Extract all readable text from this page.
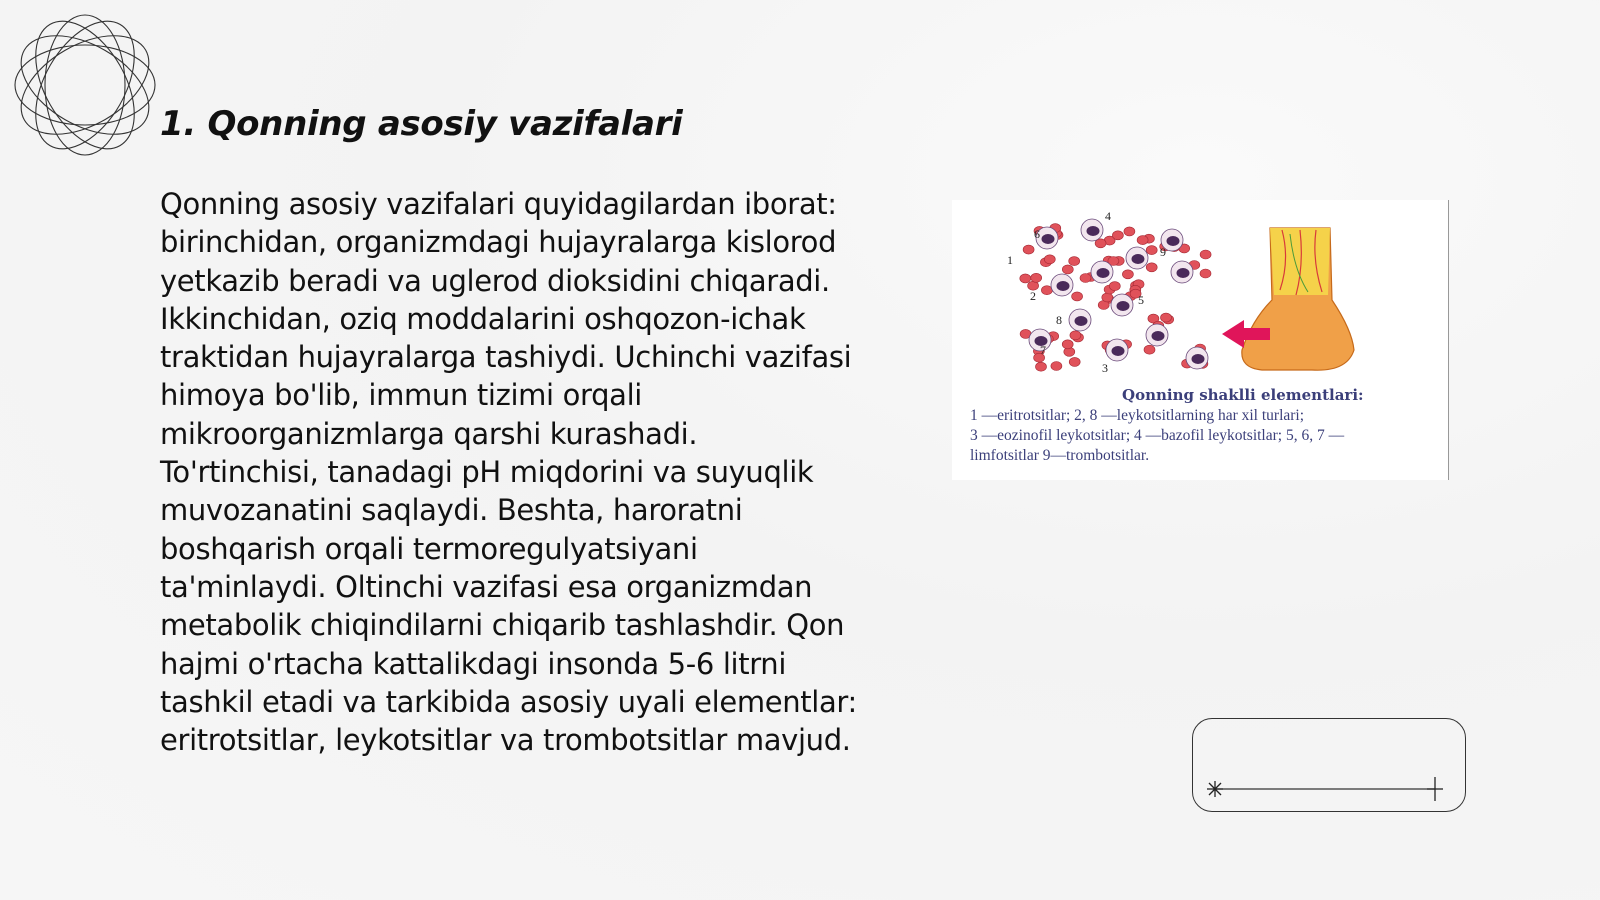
1. Qonning asosiy vazifalari

Qonning asosiy vazifalari quyidagilardan iborat: birinchidan, organizmdagi hujayralarga kislorod yetkazib beradi va uglerod dioksidini chiqaradi. Ikkinchidan, oziq moddalarini oshqozon-ichak traktidan hujayralarga tashiydi. Uchinchi vazifasi himoya bo'lib, immun tizimi orqali mikroorganizmlarga qarshi kurashadi. To'rtinchisi, tanadagi pH miqdorini va suyuqlik muvozanatini saqlaydi. Beshta, haroratni boshqarish orqali termoregulyatsiyani ta'minlaydi. Oltinchi vazifasi esa organizmdan metabolik chiqindilarni chiqarib tashlashdir. Qon hajmi o'rtacha kattalikdagi insonda 5-6 litrni tashkil etadi va tarkibida asosiy uyali elementlar: eritrotsitlar, leykotsitlar va trombotsitlar mavjud.

1
2
3
4
5
6
7
8
9
Qonning shaklli elementlari:

1 —eritrotsitlar; 2, 8 —leykotsitlarning har xil turlari;
3 —eozinofil leykotsitlar; 4 —bazofil leykotsitlar; 5, 6, 7 —
limfotsitlar 9—trombotsitlar.
